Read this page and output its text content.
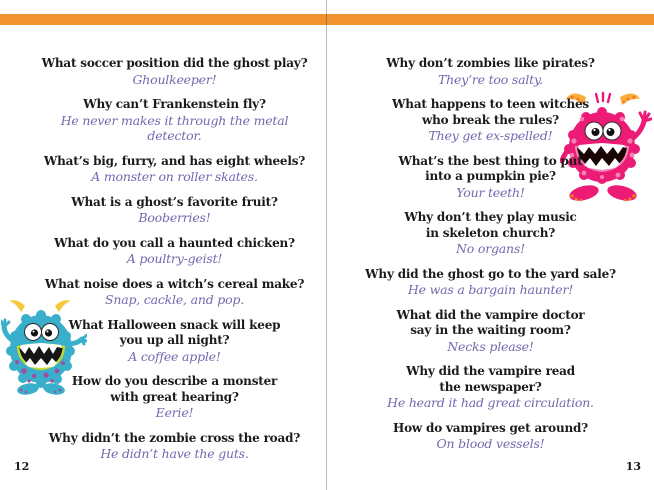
What soccer position did the ghost play?
Ghoulkeeper!
Why can’t Frankenstein fly?
He never makes it through the metal detector.
What’s big, furry, and has eight wheels?
A monster on roller skates.
What is a ghost’s favorite fruit?
Booberries!
What do you call a haunted chicken?
A poultry-geist!
What noise does a witch’s cereal make?
Snap, cackle, and pop.
What Halloween snack will keep
you up all night?
A coffee apple!
How do you describe a monster
with great hearing?
Eerie!
Why didn’t the zombie cross the road?
He didn’t have the guts.
12
Why don’t zombies like pirates?
They’re too salty.
What happens to teen witches
who break the rules?
They get ex-spelled!
What’s the best thing to put
into a pumpkin pie?
Your teeth!
Why don’t they play music
in skeleton church?
No organs!
Why did the ghost go to the yard sale?
He was a bargain haunter!
What did the vampire doctor
say in the waiting room?
Necks please!
Why did the vampire read
the newspaper?
He heard it had great circulation.
How do vampires get around?
On blood vessels!
13
